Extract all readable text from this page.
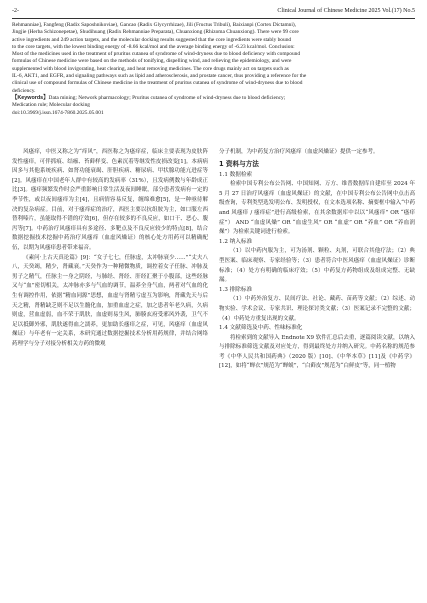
-2-	Clinical Journal of Chinese Medicine 2025 Vol.(17) No.5

Rehmanniae], Fangfeng (Radix Saposhnikoviae), Gancao (Radix Glycyrrhizae), Jili (Fructus Tribuli), Baixianpi (Cortex Dictamni),

Jingjie (Herba Schizonepetae), Shudihuang (Radix Rehmanniae Preparata), Chuanxiong (Rhizoma Chuanxiong). There were 99 core

active ingredients and 249 action targets, and the molecular docking results suggested that the core ingredients were stably bound

to the core targets, with the lowest binding energy of -8.66 kcal/mol and the average binding energy of -6.23 kcal/mol. Conclusion:

Most of the medicines used in the treatment of pruritus cutanea of syndrome of wind-dryness due to blood deficiency with compound

formulas of Chinese medicine were based on the methods of tonifying, dispelling wind, and relieving the epidemiology, and were

supplemented with blood invigorating, heat clearing, and heat removing medicines. The core drugs mainly act on targets such as

IL-6, AKT1, and EGFR, and signaling pathways such as lipid and atherosclerosis, and prostate cancer, thus providing a reference for the

clinical use of compound formulas of Chinese medicine in the treatment of pruritus cutanea of syndrome of wind-dryness due to blood

deficiency.

【Keywords】Data mining; Network pharmacology; Pruritus cutanea of syndrome of wind-dryness due to blood deficiency;

Medication rule; Molecular docking

doi:10.3969/j.issn.1674-7860.2025.05.001

风瘙痒，中医又称之为“痒风”，西医称之为瘙痒症，临床主要表现为皮肤阵发性瘙痒，可伴抓痕、结痂、苔藓样变、色素沉着等继发性皮损改变[1]。本病病因多与其他系统疾病、如肾功能衰竭、肝胆疾病、糖尿病、甲状腺功能亢进症等[2]。风瘙痒在中国老年人群中有较高的发病率（31%），且发病例数与年龄成正比[3]。瘙痒频繁发作时会严重影响日常生活及夜间睡眠，部分患者发病有一定的季节性，或以夜间瘙痒为主[4]，且病情容易反复，缠绵难愈[5]，是一种亟待解决的复杂病症。目前，对于瘙痒症的治疗，西医主要以抗组胺为主，如口服左西替利嗪片，虽能取得不错的疗效[6]，但存在较多的不良反应，如口干、恶心、腹泻等[7]。中药治疗风瘙痒具有多途径、多靶点及不良反应较少的特点[8]，结合数据挖掘技术挖掘中药治疗风瘙痒（血虚风燥证）的核心处方用药可以精确配伍，以期为风瘙痒患者带来福音。

《素问·上古天真论篇》[9]：“女子七七，任脉虚，太冲脉衰少……”“丈夫八八，天癸竭，精少，肾藏衰。”天癸作为一种精微物质，调控着女子任脉、冲脉及男子之精气，任脉主一身之阴经，与肺经、肾经、肝经汇聚于小腹部，这些经脉又与“血”密切相关，太冲脉亦多与气血的调节，温养全身气血，两者对气血的化生有调控作用，依据“精血同源”思想，血虚与肾精亏虚互为影响，肾藏先天与后天之精，肾精缺乏则不足以生髓化血，加重血虚之症，加之患者年老久病，久病则虚，营血虚弱，血不荣于肌肤，血虚则易生风，肺腠玄府受邪风外袭，卫气不足以抵御外邪，肌肤遂得血之濡养，更加助长瘙痒之症，可见，风瘙痒（血虚风燥证）与年老有一定关系，本研究通过数据挖掘技术分析用药规律，并结合网络药理学与分子对接分析相关方药的微观

分子机制，为中药复方治疗风瘙痒（血虚风燥证）提供一定参考。

1 资料与方法
1.1 数据检索

检索中国专利公布公告网、中国知网、万方、维普数据库自建库至 2024 年 5 月 27 日治疗风瘙痒（血虚风燥证）的文献，在中国专利公布公告网中点击高级查询，专利类型选发明公布、发明授权，在文本选项名称、摘要框中输入“中药 and 风瘙痒 / 瘙痒症”进行高级检索，在其余数据库中以以“风瘙痒” OR “瘙痒症”） AND “血虚风燥” OR “血虚生风” OR “血虚” OR “养血” OR “养血润燥”）为检索关键词进行检索。

1.2 纳入标准

（1）以中药内服为主，可为汤剂、颗粒、丸剂，可联合其他疗法；（2）典型医案、临床观察、专家经验等；（3）患者符合中医风瘙痒（血虚风燥证）诊断标准；（4）处方有明确的临床疗效；（5）中药复方药物组成及组成完整、无缺漏。

1.3 排除标准

（1）中药外治复方、民间疗法、社论、藏药、苗药等文献；（2）综述、动物实验、学术会议、专家共识、理论探讨类文献；（3）医案记录不完整的文献；（4）中药处方重复出现的文献。

1.4 文献筛选及中药、性味标准化

将检索到的文献导入 Endnote X9 软件汇总后去重，逐篇阅读文献，以纳入与排除标准筛选文献及对应处方，得到最终处方并纳入研究。中药名称的规范参考《中华人民共和国药典》（2020 版）[10]、《中华本草》[11]及《中药学》[12]，如将“蝉衣”规范为“蝉蜕”，“白藓皮”规范为“白鲜皮”等，同一植物
